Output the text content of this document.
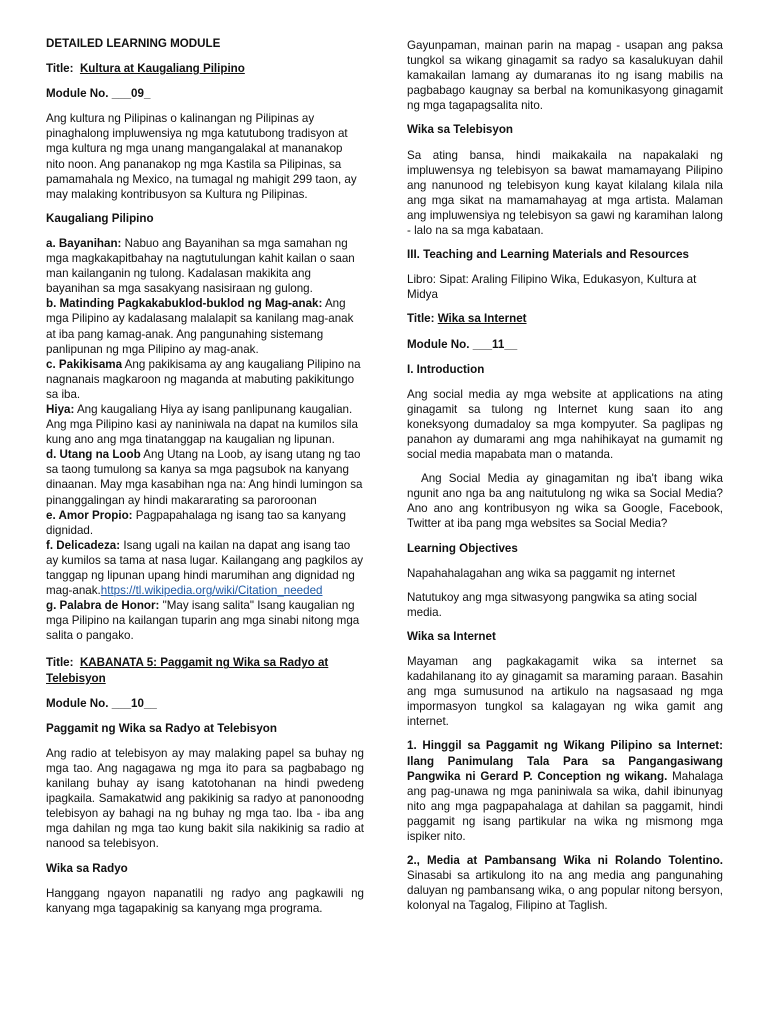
DETAILED LEARNING MODULE

Title: Kultura at Kaugaliang Pilipino

Module No. ___09_

Ang kultura ng Pilipinas o kalinangan ng Pilipinas ay pinaghalong impluwensiya ng mga katutubong tradisyon at mga kultura ng mga unang mangangalakal at mananakop nito noon. Ang pananakop ng mga Kastila sa Pilipinas, sa pamamahala ng Mexico, na tumagal ng mahigit 299 taon, ay may malaking kontribusyon sa Kultura ng Pilipinas.

Kaugaliang Pilipino

a. Bayanihan: Nabuo ang Bayanihan sa mga samahan ng mga magkakapitbahay na nagtutulungan kahit kailan o saan man kailanganin ng tulong. Kadalasan makikita ang bayanihan sa mga sasakyang nasisiraan ng gulong.
b. Matinding Pagkakabuklod-buklod ng Mag-anak: Ang mga Pilipino ay kadalasang malalapit sa kanilang mag-anak at iba pang kamag-anak. Ang pangunahing sistemang panlipunan ng mga Pilipino ay mag-anak.
c. Pakikisama Ang pakikisama ay ang kaugaliang Pilipino na nagnanais magkaroon ng maganda at mabuting pakikitungo sa iba.
Hiya: Ang kaugaliang Hiya ay isang panlipunang kaugalian. Ang mga Pilipino kasi ay naniniwala na dapat na kumilos sila kung ano ang mga tinatanggap na kaugalian ng lipunan.
d. Utang na Loob Ang Utang na Loob, ay isang utang ng tao sa taong tumulong sa kanya sa mga pagsubok na kanyang dinaanan. May mga kasabihan nga na: Ang hindi lumingon sa pinanggalingan ay hindi makararating sa paroroonan
e. Amor Propio: Pagpapahalaga ng isang tao sa kanyang dignidad.
f. Delicadeza: Isang ugali na kailan na dapat ang isang tao ay kumilos sa tama at nasa lugar. Kailangang ang pagkilos ay tanggap ng lipunan upang hindi marumihan ang dignidad ng mag-anak.https://tl.wikipedia.org/wiki/Citation_needed
g. Palabra de Honor: "May isang salita" Isang kaugalian ng mga Pilipino na kailangan tuparin ang mga sinabi nitong mga salita o pangako.

Title: KABANATA 5: Paggamit ng Wika sa Radyo at Telebisyon

Module No. ___10__

Paggamit ng Wika sa Radyo at Telebisyon

Ang radio at telebisyon ay may malaking papel sa buhay ng mga tao. Ang nagagawa ng mga ito para sa pagbabago ng kanilang buhay ay isang katotohanan na hindi pwedeng ipagkaila. Samakatwid ang pakikinig sa radyo at panonoodng telebisyon ay bahagi na ng buhay ng mga tao. Iba - iba ang mga dahilan ng mga tao kung bakit sila nakikinig sa radio at nanood sa telebisyon.

Wika sa Radyo

Hanggang ngayon napanatili ng radyo ang pagkawili ng kanyang mga tagapakinig sa kanyang mga programa.

Gayunpaman, mainan parin na mapag - usapan ang paksa tungkol sa wikang ginagamit sa radyo sa kasalukuyan dahil kamakailan lamang ay dumaranas ito ng isang mabilis na pagbabago kaugnay sa berbal na komunikasyong ginagamit ng mga tagapagsalita nito.

Wika sa Telebisyon

Sa ating bansa, hindi maikakaila na napakalaki ng impluwensya ng telebisyon sa bawat mamamayang Pilipino ang nanunood ng telebisyon kung kayat kilalang kilala nila ang mga sikat na mamamahayag at mga artista. Malaman ang impluwensiya ng telebisyon sa gawi ng karamihan lalong - lalo na sa mga kabataan.

III. Teaching and Learning Materials and Resources

Libro: Sipat: Araling Filipino Wika, Edukasyon, Kultura at Midya

Title: Wika sa Internet

Module No. ___11__

I. Introduction

Ang social media ay mga website at applications na ating ginagamit sa tulong ng Internet kung saan ito ang koneksyong dumadaloy sa mga kompyuter. Sa paglipas ng panahon ay dumarami ang mga nahihikayat na gumamit ng social media mapabata man o matanda.

Ang Social Media ay ginagamitan ng iba't ibang wika ngunit ano nga ba ang naitutulong ng wika sa Social Media? Ano ano ang kontribusyon ng wika sa Google, Facebook, Twitter at iba pang mga websites sa Social Media?

Learning Objectives

Napahahalagahan ang wika sa paggamit ng internet

Natutukoy ang mga sitwasyong pangwika sa ating social media.

Wika sa Internet

Mayaman ang pagkakagamit wika sa internet sa kadahilanang ito ay ginagamit sa maraming paraan. Basahin ang mga sumusunod na artikulo na nagsasaad ng mga impormasyon tungkol sa kalagayan ng wika gamit ang internet.

1. Hinggil sa Paggamit ng Wikang Pilipino sa Internet: Ilang Panimulang Tala Para sa Pangangasiwang Pangwika ni Gerard P. Conception ng wikang. Mahalaga ang pag-unawa ng mga paniniwala sa wika, dahil ibinunyag nito ang mga pagpapahalaga at dahilan sa paggamit, hindi paggamit ng isang partikular na wika ng mismong mga ispiker nito.

2., Media at Pambansang Wika ni Rolando Tolentino. Sinasabi sa artikulong ito na ang media ang pangunahing daluyan ng pambansang wika, o ang popular nitong bersyon, kolonyal na Tagalog, Filipino at Taglish.
